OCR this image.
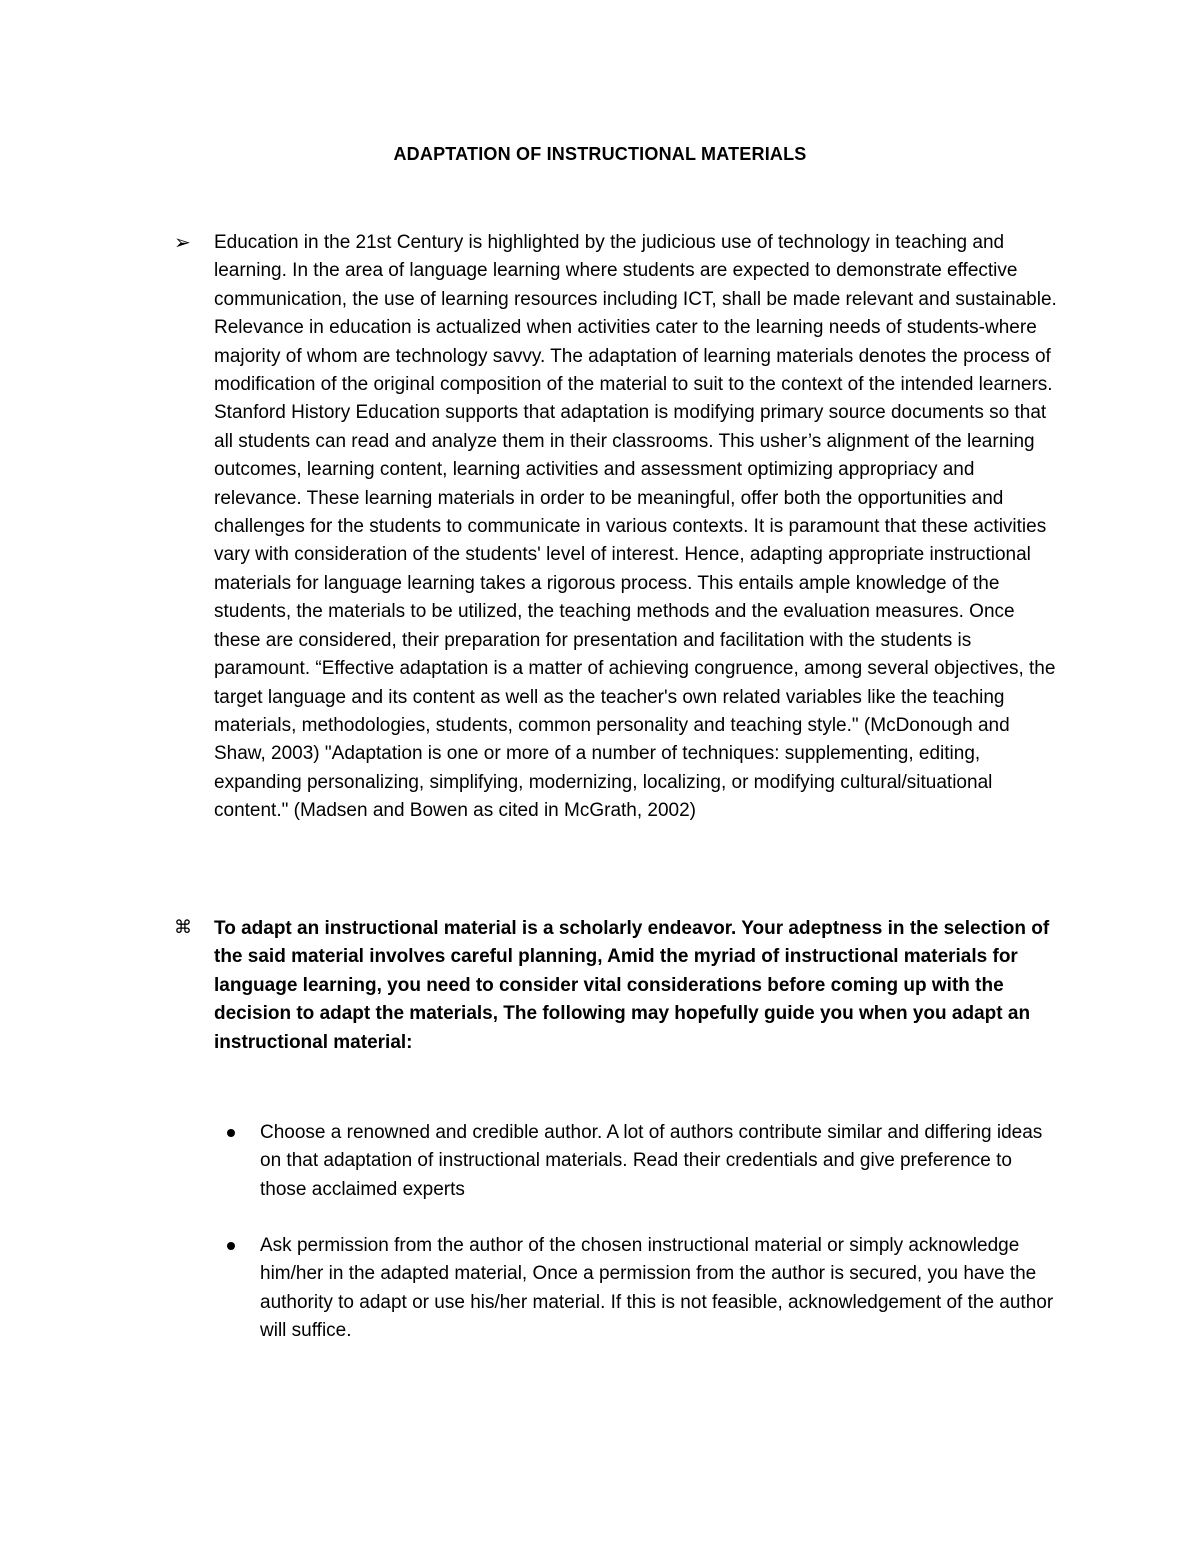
ADAPTATION OF INSTRUCTIONAL MATERIALS
➢ Education in the 21st Century is highlighted by the judicious use of technology in teaching and learning. In the area of language learning where students are expected to demonstrate effective communication, the use of learning resources including ICT, shall be made relevant and sustainable. Relevance in education is actualized when activities cater to the learning needs of students-where majority of whom are technology savvy. The adaptation of learning materials denotes the process of modification of the original composition of the material to suit to the context of the intended learners. Stanford History Education supports that adaptation is modifying primary source documents so that all students can read and analyze them in their classrooms. This usher’s alignment of the learning outcomes, learning content, learning activities and assessment optimizing appropriacy and relevance. These learning materials in order to be meaningful, offer both the opportunities and challenges for the students to communicate in various contexts. It is paramount that these activities vary with consideration of the students' level of interest. Hence, adapting appropriate instructional materials for language learning takes a rigorous process. This entails ample knowledge of the students, the materials to be utilized, the teaching methods and the evaluation measures. Once these are considered, their preparation for presentation and facilitation with the students is paramount. “Effective adaptation is a matter of achieving congruence, among several objectives, the target language and its content as well as the teacher's own related variables like the teaching materials, methodologies, students, common personality and teaching style." (McDonough and Shaw, 2003) "Adaptation is one or more of a number of techniques: supplementing, editing, expanding personalizing, simplifying, modernizing, localizing, or modifying cultural/situational content." (Madsen and Bowen as cited in McGrath, 2002)

⌘ To adapt an instructional material is a scholarly endeavor. Your adeptness in the selection of the said material involves careful planning, Amid the myriad of instructional materials for language learning, you need to consider vital considerations before coming up with the decision to adapt the materials, The following may hopefully guide you when you adapt an instructional material:

Choose a renowned and credible author. A lot of authors contribute similar and differing ideas on that adaptation of instructional materials. Read their credentials and give preference to those acclaimed experts

Ask permission from the author of the chosen instructional material or simply acknowledge him/her in the adapted material, Once a permission from the author is secured, you have the authority to adapt or use his/her material. If this is not feasible, acknowledgement of the author will suffice.
